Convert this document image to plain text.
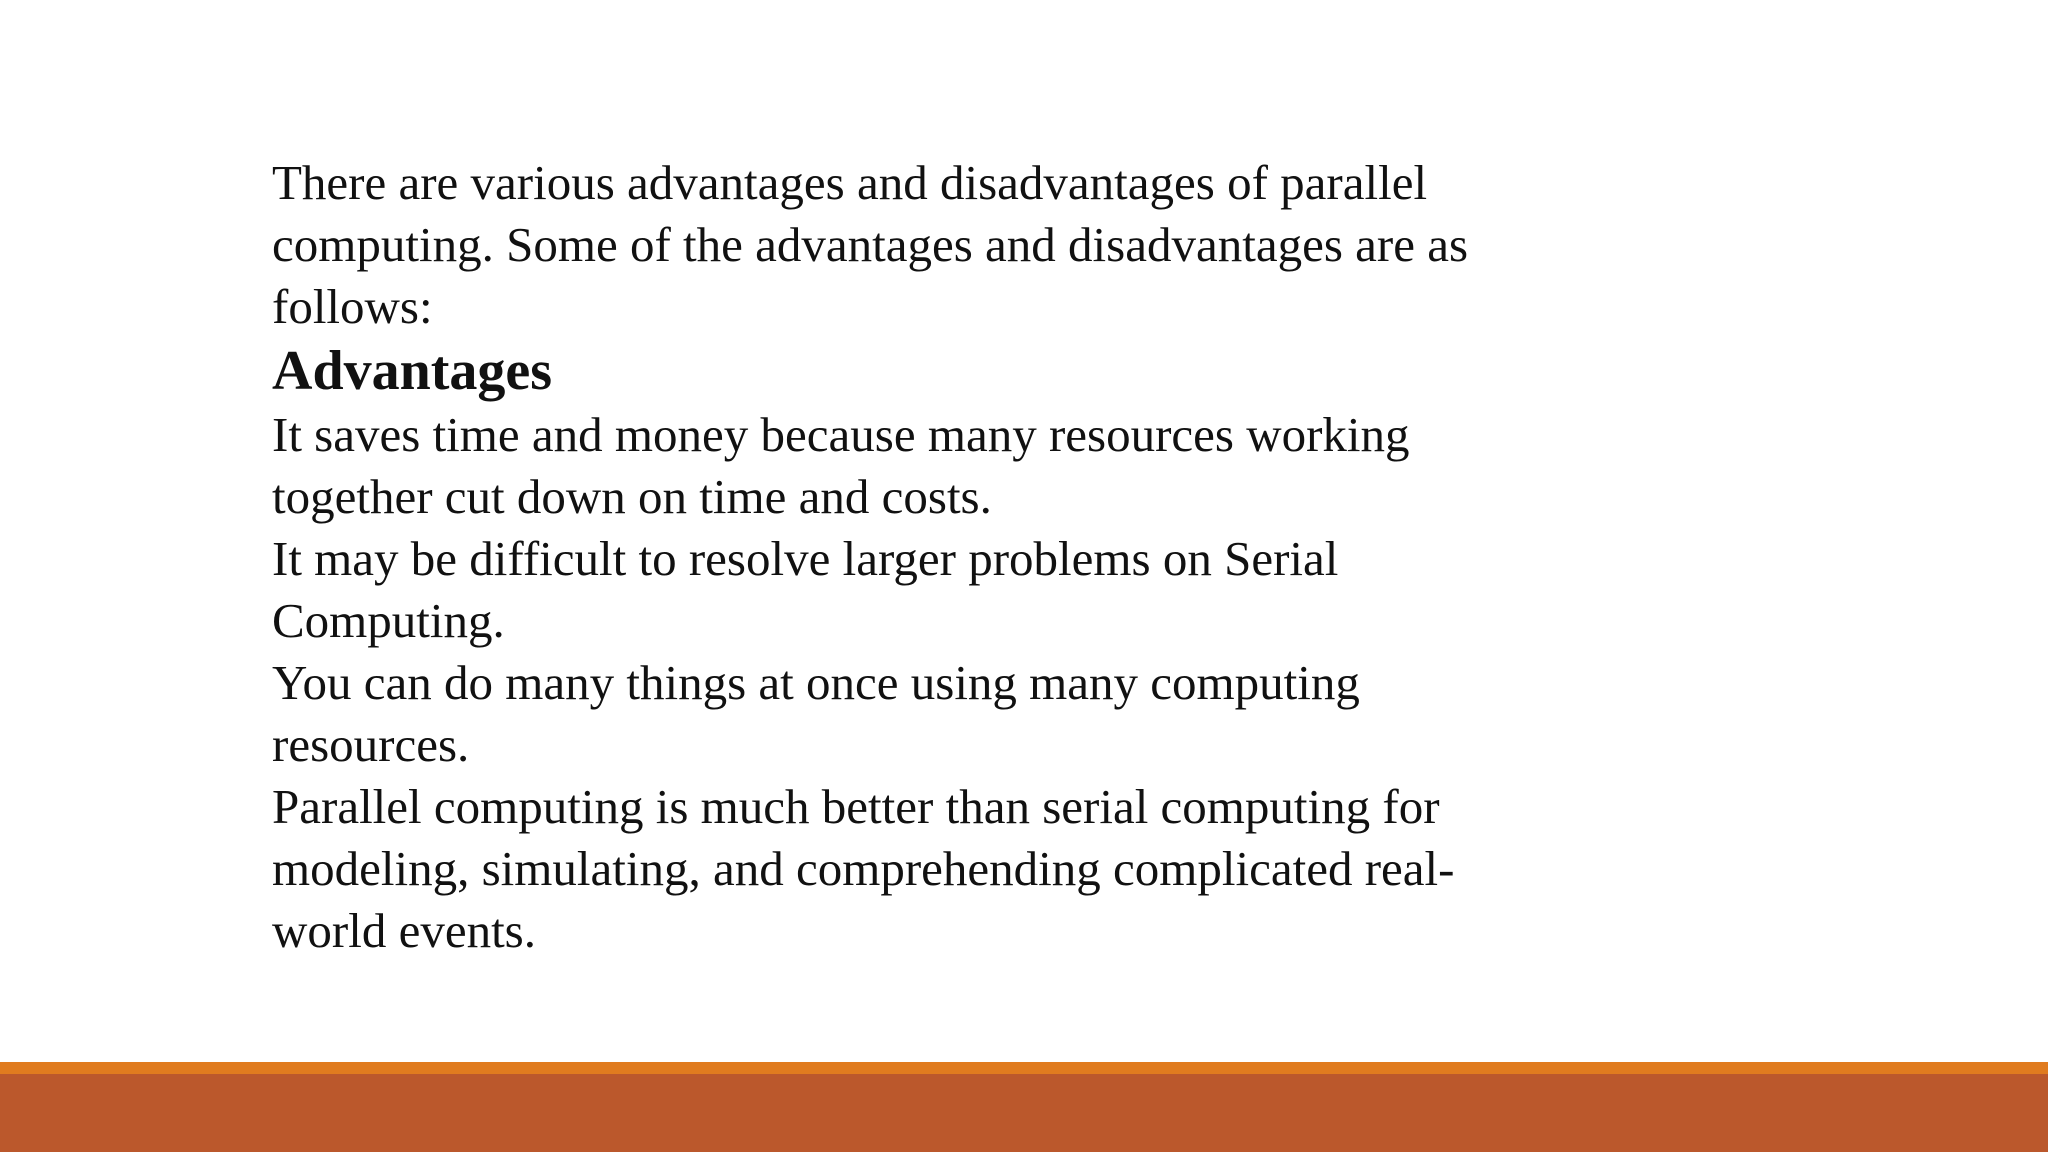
There are various advantages and disadvantages of parallel

computing. Some of the advantages and disadvantages are as

follows:

Advantages

It saves time and money because many resources working

together cut down on time and costs.

It may be difficult to resolve larger problems on Serial

Computing.

You can do many things at once using many computing

resources.

Parallel computing is much better than serial computing for

modeling, simulating, and comprehending complicated real-

world events.
